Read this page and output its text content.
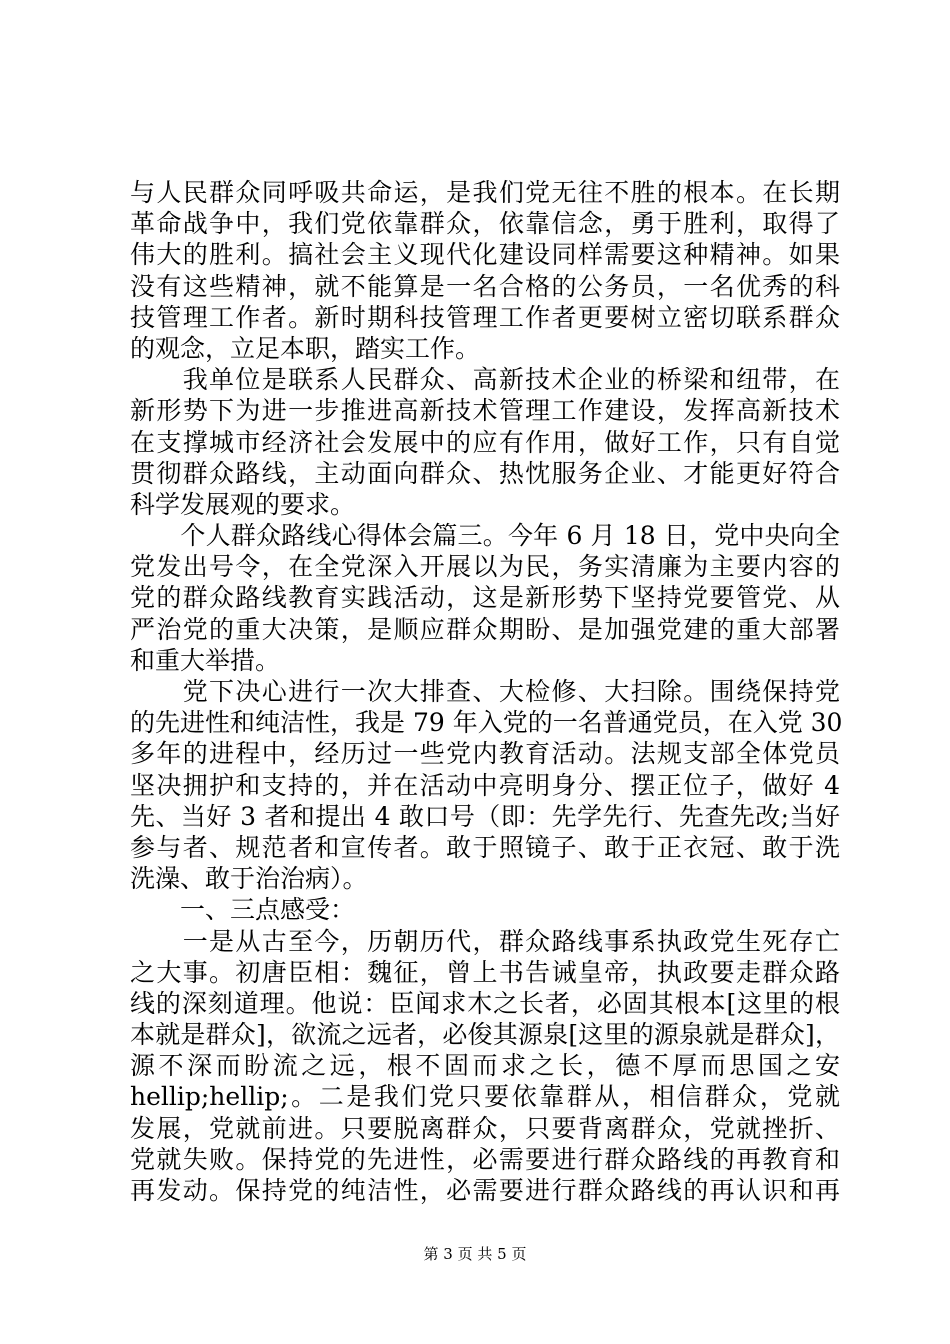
与人民群众同呼吸共命运，是我们党无往不胜的根本。在长期
革命战争中，我们党依靠群众，依靠信念，勇于胜利，取得了
伟大的胜利。搞社会主义现代化建设同样需要这种精神。如果
没有这些精神，就不能算是一名合格的公务员，一名优秀的科
技管理工作者。新时期科技管理工作者更要树立密切联系群众
的观念，立足本职，踏实工作。
　　我单位是联系人民群众、高新技术企业的桥梁和纽带，在
新形势下为进一步推进高新技术管理工作建设，发挥高新技术
在支撑城市经济社会发展中的应有作用，做好工作，只有自觉
贯彻群众路线，主动面向群众、热忱服务企业、才能更好符合
科学发展观的要求。
　　个人群众路线心得体会篇三。今年 6 月 18 日，党中央向全
党发出号令，在全党深入开展以为民，务实清廉为主要内容的
党的群众路线教育实践活动，这是新形势下坚持党要管党、从
严治党的重大决策，是顺应群众期盼、是加强党建的重大部署
和重大举措。
　　党下决心进行一次大排查、大检修、大扫除。围绕保持党
的先进性和纯洁性，我是 79 年入党的一名普通党员，在入党 30
多年的进程中，经历过一些党内教育活动。法规支部全体党员
坚决拥护和支持的，并在活动中亮明身分、摆正位子，做好 4
先、当好 3 者和提出 4 敢口号（即：先学先行、先查先改;当好
参与者、规范者和宣传者。敢于照镜子、敢于正衣冠、敢于洗
洗澡、敢于治治病）。
　　一、三点感受：
　　一是从古至今，历朝历代，群众路线事系执政党生死存亡
之大事。初唐臣相：魏征，曾上书告诫皇帝，执政要走群众路
线的深刻道理。他说：臣闻求木之长者，必固其根本[这里的根
本就是群众]，欲流之远者，必俊其源泉[这里的源泉就是群众]，
源不深而盼流之远，根不固而求之长，德不厚而思国之安
hellip;hellip;。二是我们党只要依靠群从，相信群众，党就
发展，党就前进。只要脱离群众，只要背离群众，党就挫折、
党就失败。保持党的先进性，必需要进行群众路线的再教育和
再发动。保持党的纯洁性，必需要进行群众路线的再认识和再
第 3 页 共 5 页
